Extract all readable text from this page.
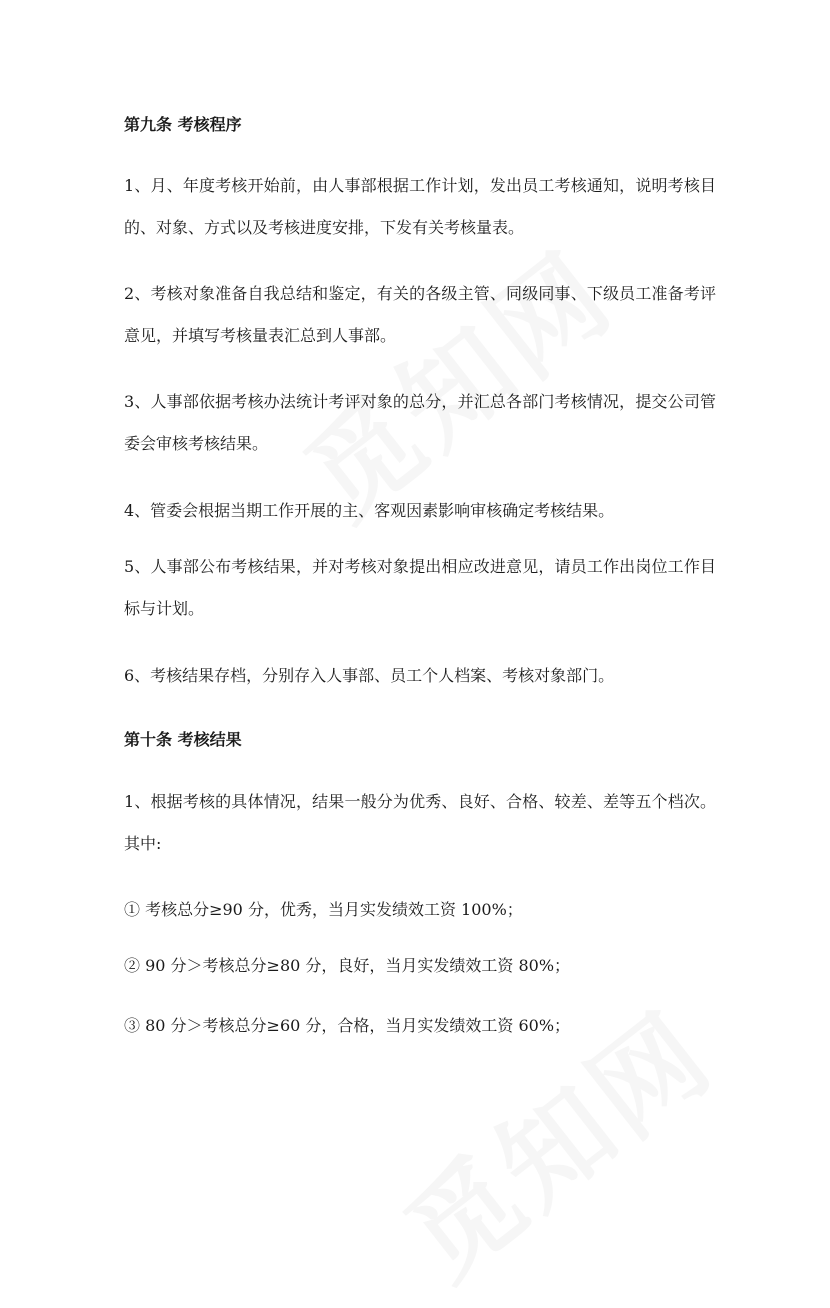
第九条 考核程序

1、月、年度考核开始前，由人事部根据工作计划，发出员工考核通知，说明考核目的、对象、方式以及考核进度安排，下发有关考核量表。

2、考核对象准备自我总结和鉴定，有关的各级主管、同级同事、下级员工准备考评意见，并填写考核量表汇总到人事部。

3、人事部依据考核办法统计考评对象的总分，并汇总各部门考核情况，提交公司管委会审核考核结果。

4、管委会根据当期工作开展的主、客观因素影响审核确定考核结果。

5、人事部公布考核结果，并对考核对象提出相应改进意见，请员工作出岗位工作目标与计划。

6、考核结果存档，分别存入人事部、员工个人档案、考核对象部门。

第十条 考核结果

1、根据考核的具体情况，结果一般分为优秀、良好、合格、较差、差等五个档次。其中:

① 考核总分≥90 分，优秀，当月实发绩效工资 100%；

② 90 分＞考核总分≥80 分，良好，当月实发绩效工资 80%；

③ 80 分＞考核总分≥60 分，合格，当月实发绩效工资 60%；
